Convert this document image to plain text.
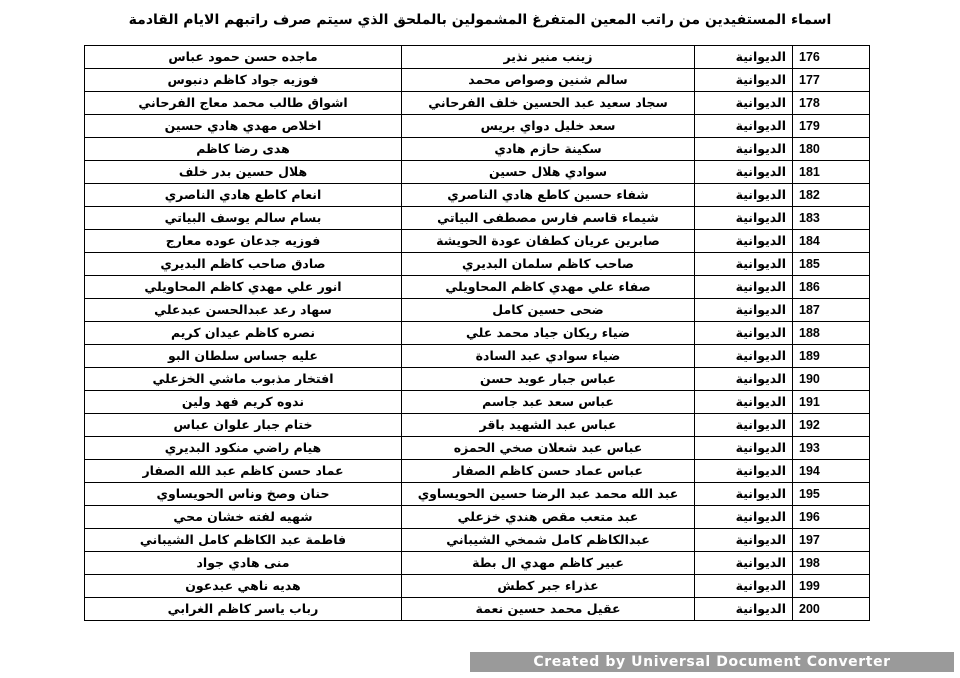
اسماء المستفيدين من راتب المعين المتفرغ المشمولين بالملحق الذي سيتم صرف راتبهم الايام القادمة
176	الديوانية	زينب منير نذير	ماجده حسن حمود عباس
177	الديوانية	سالم شنين وصواص محمد	فوزيه جواد كاظم دنبوس
178	الديوانية	سجاد سعيد عبد الحسين خلف الفرحاني	اشواق طالب محمد معاج الفرحاني
179	الديوانية	سعد خليل دواي بريس	اخلاص مهدي هادي حسين
180	الديوانية	سكينة حازم هادي	هدى رضا كاظم
181	الديوانية	سوادي هلال حسين	هلال حسين بدر خلف
182	الديوانية	شفاء حسين كاطع هادي الناصري	انعام كاطع هادي الناصري
183	الديوانية	شيماء قاسم فارس مصطفى البياتي	بسام سالم يوسف البياتي
184	الديوانية	صابرين عريان كطفان عودة الحويشة	فوزيه جدعان عوده معارج
185	الديوانية	صاحب كاظم سلمان البديري	صادق صاحب كاظم البديري
186	الديوانية	صفاء علي مهدي كاظم المحاويلي	انور علي مهدي كاظم المحاويلي
187	الديوانية	ضحى حسين كامل	سهاد رعد عبدالحسن عبدعلي
188	الديوانية	ضياء ريكان جياد محمد علي	نصره كاظم عيدان كريم
189	الديوانية	ضياء سوادي عبد السادة	عليه جساس سلطان البو
190	الديوانية	عباس جبار عويد حسن	افتخار مذبوب ماشي الخزعلي
191	الديوانية	عباس سعد عبد جاسم	ندوه كريم فهد ولين
192	الديوانية	عباس عبد الشهيد باقر	ختام جبار علوان عباس
193	الديوانية	عباس عبد شعلان صخي الحمزه	هيام راضي منكود البديري
194	الديوانية	عباس عماد حسن كاظم الصفار	عماد حسن كاظم عبد الله الصفار
195	الديوانية	عبد الله محمد عبد الرضا حسين الحويساوي	حنان وصخ وناس الحويساوي
196	الديوانية	عبد متعب مقص هندي خزعلي	شهيه لفته خشان محي
197	الديوانية	عبدالكاظم كامل شمخي الشيباني	فاطمة عبد الكاظم كامل الشيباني
198	الديوانية	عبير كاظم مهدي ال بطة	منى هادي جواد
199	الديوانية	عذراء جبر كطش	هديه ناهي عبدعون
200	الديوانية	عقيل محمد حسين نعمة	رباب ياسر كاظم الغرابي
Created by Universal Document Converter
